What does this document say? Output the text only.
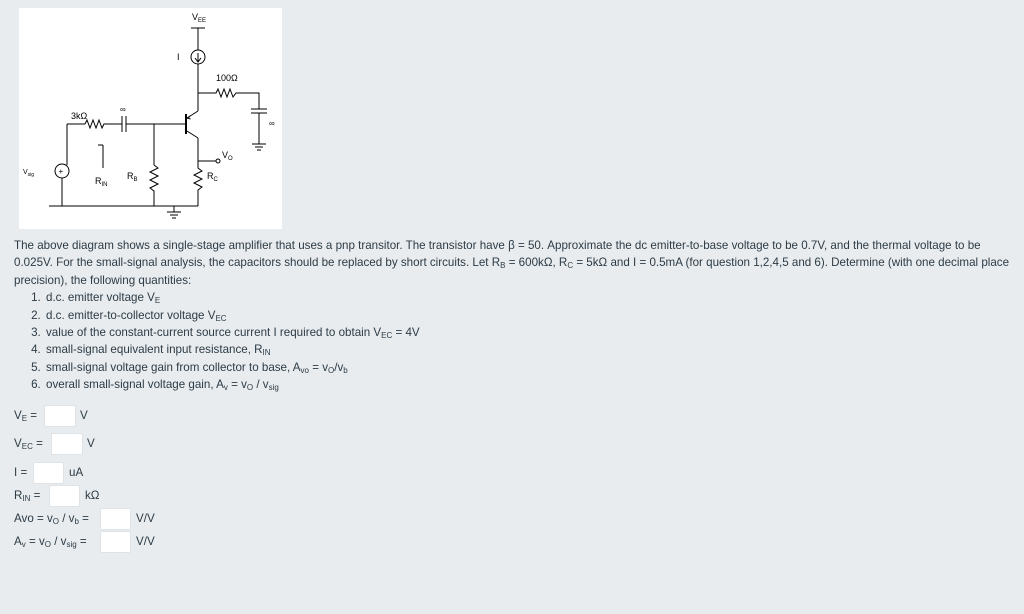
$V_{EE}$
I
100Ω
3kΩ
∞
∞
$V_O$
$V_{sig}$	+
$R_{IN}$
$R_B$	$R_C$

The above diagram shows a single-stage amplifier that uses a pnp transitor. The transistor have β = 50. Approximate the dc emitter-to-base voltage to be 0.7V, and the thermal voltage to be 0.025V. For the small-signal analysis, the capacitors should be replaced by short circuits. Let $R_B = 600k\Omega$, $R_C = 5k\Omega$ and I = 0.5mA (for question 1,2,4,5 and 6). Determine (with one decimal place precision), the following quantities:

1. d.c. emitter voltage $V_E$
2. d.c. emitter-to-collector voltage $V_{EC}$
3. value of the constant-current source current I required to obtain $V_{EC} = 4V$
4. small-signal equivalent input resistance, $R_{IN}$
5. small-signal voltage gain from collector to base, $A_{vo} = v_O/v_b$
6. overall small-signal voltage gain, $A_v = v_O / v_{sig}$
$V_E$ =	V
$V_{EC}$ =	V
I =	uA
$R_{IN}$ =	kΩ
Avo = $v_O / v_b$ =	V/V
$A_v = v_O / v_{sig}$ =	V/V
